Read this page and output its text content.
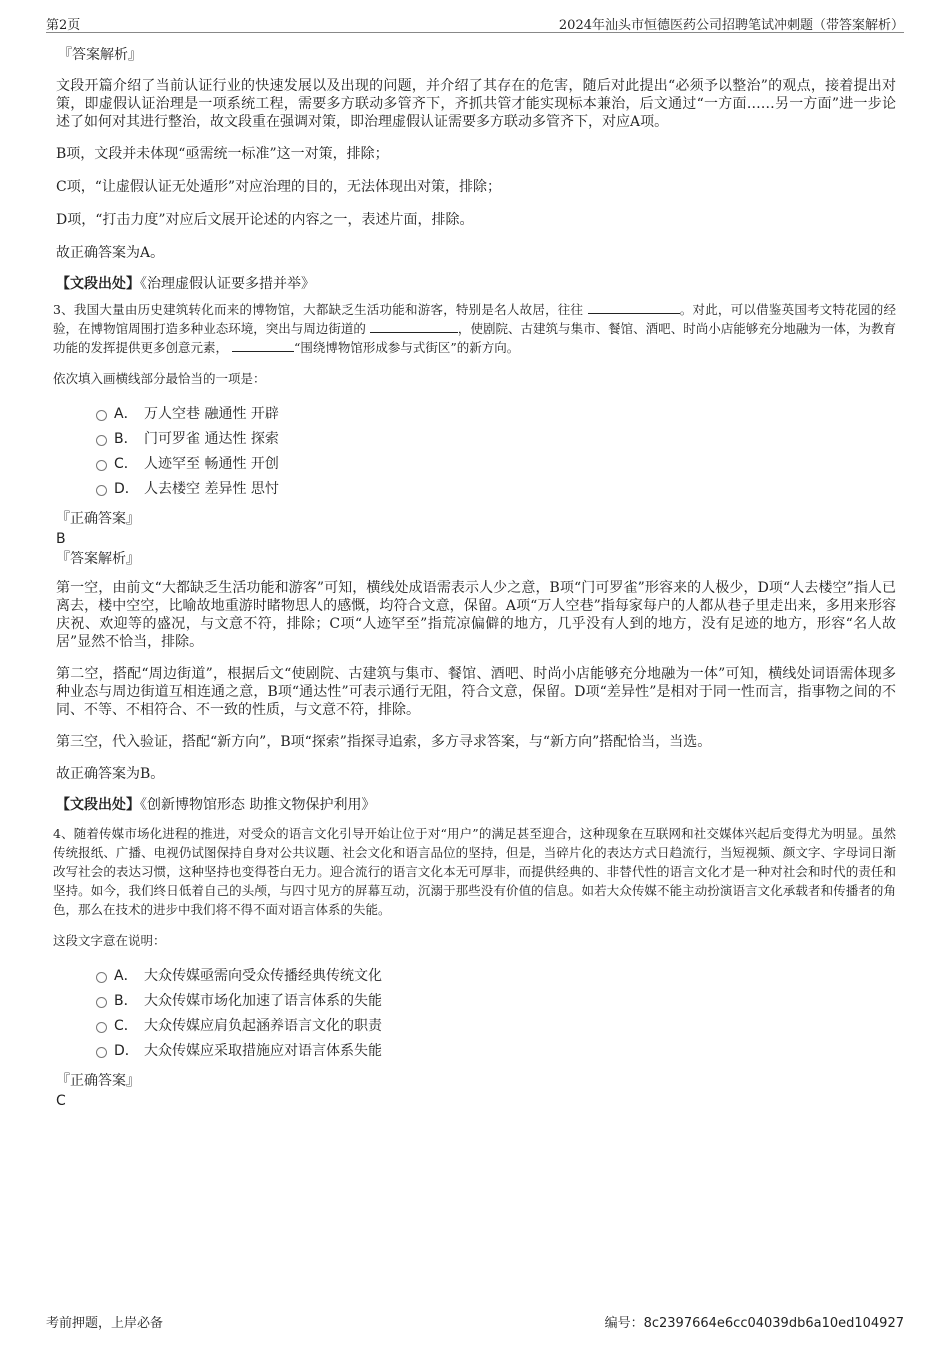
第2页	2024年汕头市恒德医药公司招聘笔试冲刺题（带答案解析）

『答案解析』

文段开篇介绍了当前认证行业的快速发展以及出现的问题，并介绍了其存在的危害，随后对此提出“必须予以整治”的观点，接着提出对策，即虚假认证治理是一项系统工程，需要多方联动多管齐下，齐抓共管才能实现标本兼治，后文通过“一方面……另一方面”进一步论述了如何对其进行整治，故文段重在强调对策，即治理虚假认证需要多方联动多管齐下，对应A项。

B项，文段并未体现“亟需统一标准”这一对策，排除；

C项，“让虚假认证无处遁形”对应治理的目的，无法体现出对策，排除；

D项，“打击力度”对应后文展开论述的内容之一，表述片面，排除。

故正确答案为A。

【文段出处】《治理虚假认证要多措并举》

3、我国大量由历史建筑转化而来的博物馆，大都缺乏生活功能和游客，特别是名人故居，往往	。对此，可以借鉴英国考文特花园的经验，在博物馆周围打造多种业态环境，突出与周边街道的	，使剧院、古建筑与集市、餐馆、酒吧、时尚小店能够充分地融为一体，为教育功能的发挥提供更多创意元素，	“围绕博物馆形成参与式街区”的新方向。

依次填入画横线部分最恰当的一项是：

A． 万人空巷 融通性 开辟
B． 门可罗雀 通达性 探索
C． 人迹罕至 畅通性 开创
D． 人去楼空 差异性 思忖

『正确答案』

B

『答案解析』

第一空，由前文“大都缺乏生活功能和游客”可知，横线处成语需表示人少之意，B项“门可罗雀”形容来的人极少，D项“人去楼空”指人已离去，楼中空空，比喻故地重游时睹物思人的感慨，均符合文意，保留。A项“万人空巷”指每家每户的人都从巷子里走出来，多用来形容庆祝、欢迎等的盛况，与文意不符，排除；C项“人迹罕至”指荒凉偏僻的地方，几乎没有人到的地方，没有足迹的地方，形容“名人故居”显然不恰当，排除。

第二空，搭配“周边街道”，根据后文“使剧院、古建筑与集市、餐馆、酒吧、时尚小店能够充分地融为一体”可知，横线处词语需体现多种业态与周边街道互相连通之意，B项“通达性”可表示通行无阻，符合文意，保留。D项“差异性”是相对于同一性而言，指事物之间的不同、不等、不相符合、不一致的性质，与文意不符，排除。

第三空，代入验证，搭配“新方向”，B项“探索”指探寻追索，多方寻求答案，与“新方向”搭配恰当，当选。

故正确答案为B。

【文段出处】《创新博物馆形态 助推文物保护利用》

4、随着传媒市场化进程的推进，对受众的语言文化引导开始让位于对“用户”的满足甚至迎合，这种现象在互联网和社交媒体兴起后变得尤为明显。虽然传统报纸、广播、电视仍试图保持自身对公共议题、社会文化和语言品位的坚持，但是，当碎片化的表达方式日趋流行，当短视频、颜文字、字母词日渐改写社会的表达习惯，这种坚持也变得苍白无力。迎合流行的语言文化本无可厚非，而提供经典的、非替代性的语言文化才是一种对社会和时代的责任和坚持。如今，我们终日低着自己的头颅，与四寸见方的屏幕互动，沉溺于那些没有价值的信息。如若大众传媒不能主动扮演语言文化承载者和传播者的角色，那么在技术的进步中我们将不得不面对语言体系的失能。

这段文字意在说明：

A． 大众传媒亟需向受众传播经典传统文化
B． 大众传媒市场化加速了语言体系的失能
C． 大众传媒应肩负起涵养语言文化的职责
D． 大众传媒应采取措施应对语言体系失能

『正确答案』

C

考前押题，上岸必备	编号：8c2397664e6cc04039db6a10ed104927
